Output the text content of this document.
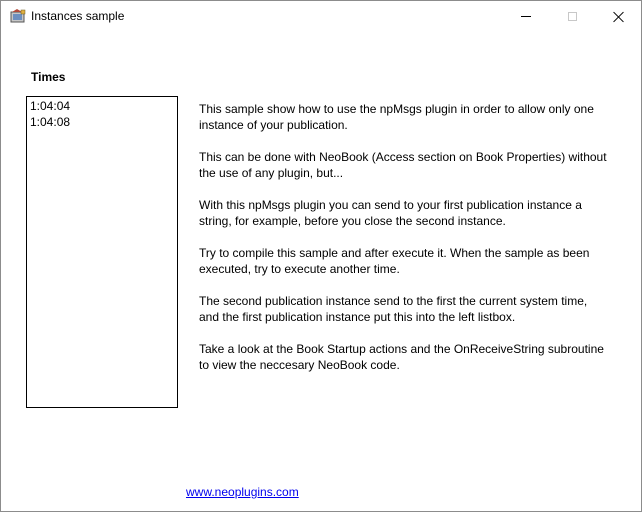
Instances sample
Times
1:04:04
1:04:08

This sample show how to use the npMsgs plugin in order to allow only one instance of your publication.

This can be done with NeoBook (Access section on Book Properties) without the use of any plugin, but...

With this npMsgs plugin you can send to your first publication instance a string, for example, before you close the second instance.

Try to compile this sample and after execute it. When the sample as been executed, try to execute another time.

The second publication instance send to the first the current system time, and the first publication instance put this into the left listbox.

Take a look at the Book Startup actions and the OnReceiveString subroutine to view the neccesary NeoBook code.

www.neoplugins.com
